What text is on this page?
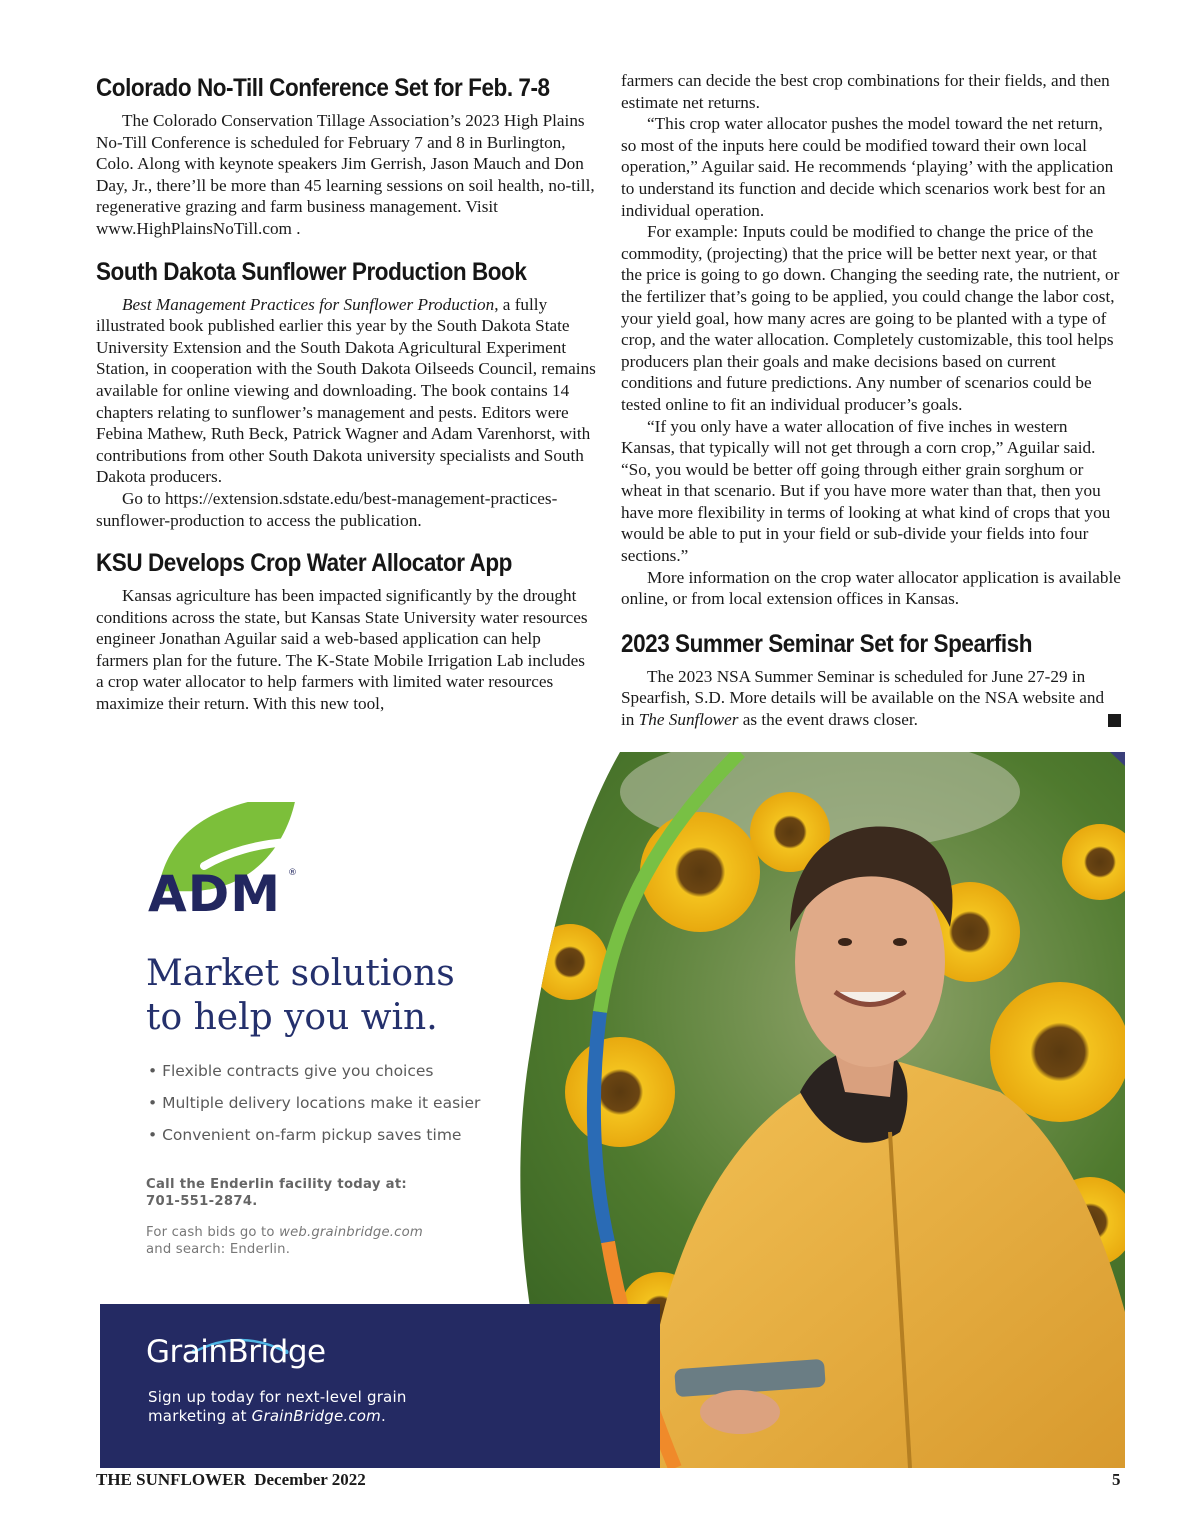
Colorado No-Till Conference Set for Feb. 7-8

The Colorado Conservation Tillage Association’s 2023 High Plains No-Till Conference is scheduled for February 7 and 8 in Burlington, Colo. Along with keynote speakers Jim Gerrish, Jason Mauch and Don Day, Jr., there’ll be more than 45 learning sessions on soil health, no-till, regenerative grazing and farm business management. Visit www.HighPlainsNoTill.com .

South Dakota Sunflower Production Book

Best Management Practices for Sunflower Production, a fully illustrated book published earlier this year by the South Dakota State University Extension and the South Dakota Agricultural Experiment Station, in cooperation with the South Dakota Oilseeds Council, remains available for online viewing and downloading. The book contains 14 chapters relating to sunflower’s management and pests. Editors were Febina Mathew, Ruth Beck, Patrick Wagner and Adam Varenhorst, with contributions from other South Dakota university specialists and South Dakota producers.

Go to https://extension.sdstate.edu/best-management-practices-sunflower-production to access the publication.

KSU Develops Crop Water Allocator App

Kansas agriculture has been impacted significantly by the drought conditions across the state, but Kansas State University water resources engineer Jonathan Aguilar said a web-based application can help farmers plan for the future. The K-State Mobile Irrigation Lab includes a crop water allocator to help farmers with limited water resources maximize their return. With this new tool,

farmers can decide the best crop combinations for their fields, and then estimate net returns.

“This crop water allocator pushes the model toward the net return, so most of the inputs here could be modified toward their own local operation,” Aguilar said. He recommends ‘playing’ with the application to understand its function and decide which scenarios work best for an individual operation.

For example: Inputs could be modified to change the price of the commodity, (projecting) that the price will be better next year, or that the price is going to go down. Changing the seeding rate, the nutrient, or the fertilizer that’s going to be applied, you could change the labor cost, your yield goal, how many acres are going to be planted with a type of crop, and the water allocation. Completely customizable, this tool helps producers plan their goals and make decisions based on current conditions and future predictions. Any number of scenarios could be tested online to fit an individual producer’s goals.

“If you only have a water allocation of five inches in western Kansas, that typically will not get through a corn crop,” Aguilar said. “So, you would be better off going through either grain sorghum or wheat in that scenario. But if you have more water than that, then you have more flexibility in terms of looking at what kind of crops that you would be able to put in your field or sub-divide your fields into four sections.”

More information on the crop water allocator application is available online, or from local extension offices in Kansas.

2023 Summer Seminar Set for Spearfish

The 2023 NSA Summer Seminar is scheduled for June 27-29 in Spearfish, S.D. More details will be available on the NSA website and in The Sunflower as the event draws closer.

ADM ®
Market solutions
to help you win.
• Flexible contracts give you choices
• Multiple delivery locations make it easier
• Convenient on-farm pickup saves time
Call the Enderlin facility today at:
701-551-2874.
For cash bids go to web.grainbridge.com
and search: Enderlin.
GrainBridge
Sign up today for next-level grain
marketing at GrainBridge.com.
THE SUNFLOWER  December 2022	5
